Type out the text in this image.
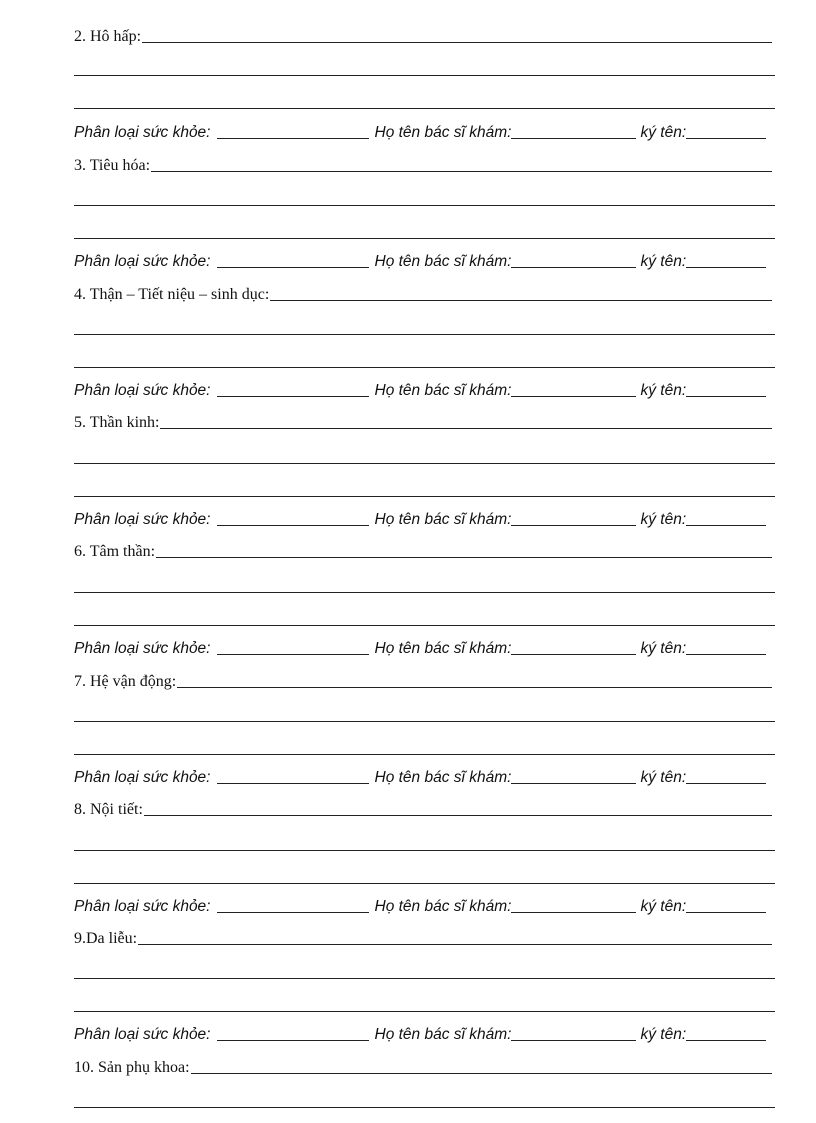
2. Hô hấp:
Phân loại sức khỏe:	Họ tên bác sĩ khám:	ký tên:
3. Tiêu hóa:
Phân loại sức khỏe:	Họ tên bác sĩ khám:	ký tên:
4. Thận – Tiết niệu – sinh dục:
Phân loại sức khỏe:	Họ tên bác sĩ khám:	ký tên:
5. Thần kinh:
Phân loại sức khỏe:	Họ tên bác sĩ khám:	ký tên:
6. Tâm thần:
Phân loại sức khỏe:	Họ tên bác sĩ khám:	ký tên:
7. Hệ vận động:
Phân loại sức khỏe:	Họ tên bác sĩ khám:	ký tên:
8. Nội tiết:
Phân loại sức khỏe:	Họ tên bác sĩ khám:	ký tên:
9.Da liễu:
Phân loại sức khỏe:	Họ tên bác sĩ khám:	ký tên:
10. Sản phụ khoa:
